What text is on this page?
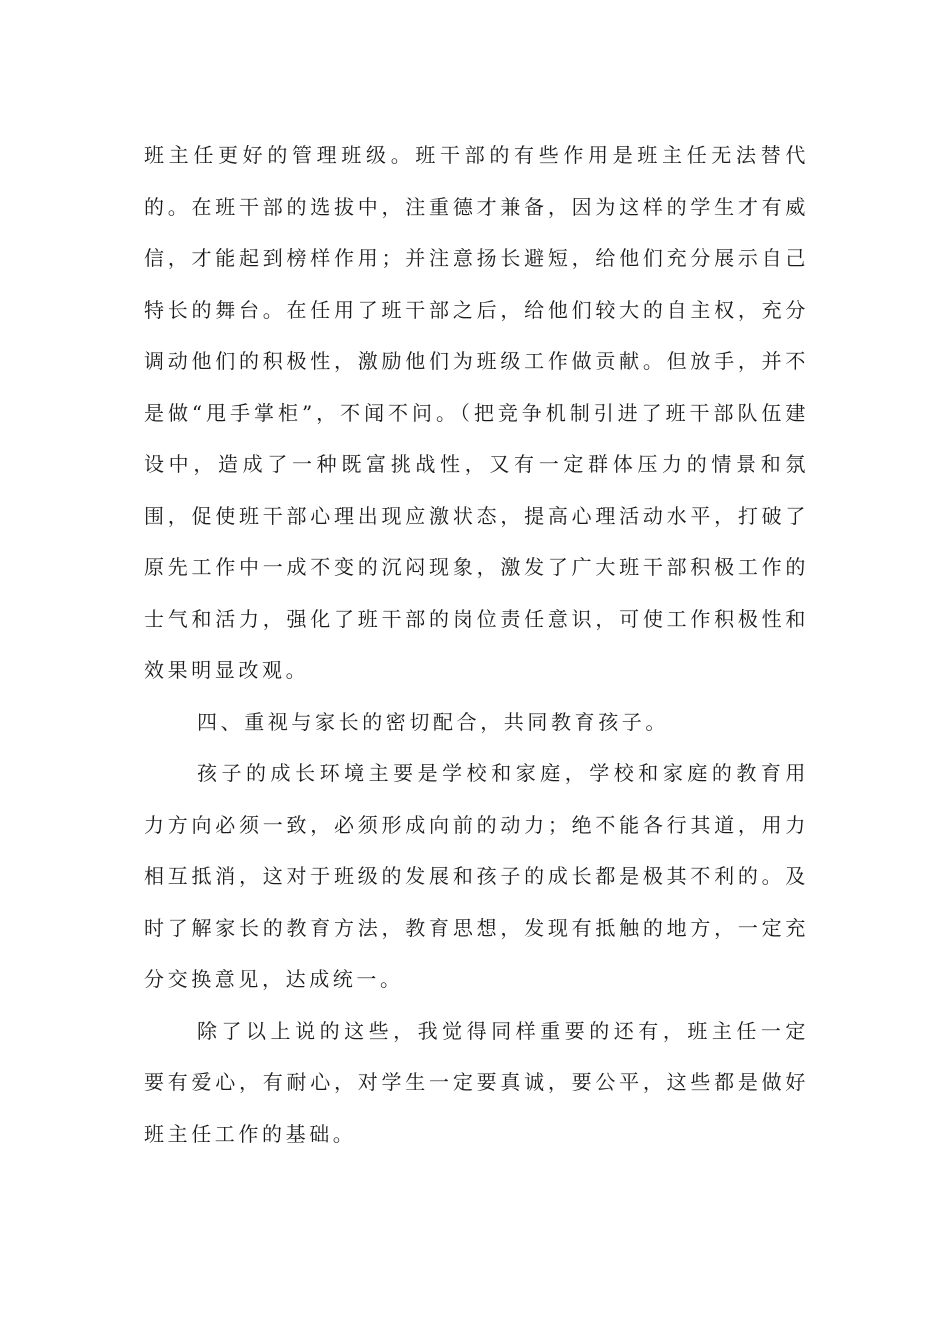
班主任更好的管理班级。班干部的有些作用是班主任无法替代的。在班干部的选拔中，注重德才兼备，因为这样的学生才有威信，才能起到榜样作用；并注意扬长避短，给他们充分展示自己特长的舞台。在任用了班干部之后，给他们较大的自主权，充分调动他们的积极性，激励他们为班级工作做贡献。但放手，并不是做“甩手掌柜”，不闻不问。（把竞争机制引进了班干部队伍建设中，造成了一种既富挑战性，又有一定群体压力的情景和氛围，促使班干部心理出现应激状态，提高心理活动水平，打破了原先工作中一成不变的沉闷现象，激发了广大班干部积极工作的士气和活力，强化了班干部的岗位责任意识，可使工作积极性和效果明显改观。

四、重视与家长的密切配合，共同教育孩子。

孩子的成长环境主要是学校和家庭，学校和家庭的教育用力方向必须一致，必须形成向前的动力；绝不能各行其道，用力相互抵消，这对于班级的发展和孩子的成长都是极其不利的。及时了解家长的教育方法，教育思想，发现有抵触的地方，一定充分交换意见，达成统一。

除了以上说的这些，我觉得同样重要的还有，班主任一定要有爱心，有耐心，对学生一定要真诚，要公平，这些都是做好班主任工作的基础。
